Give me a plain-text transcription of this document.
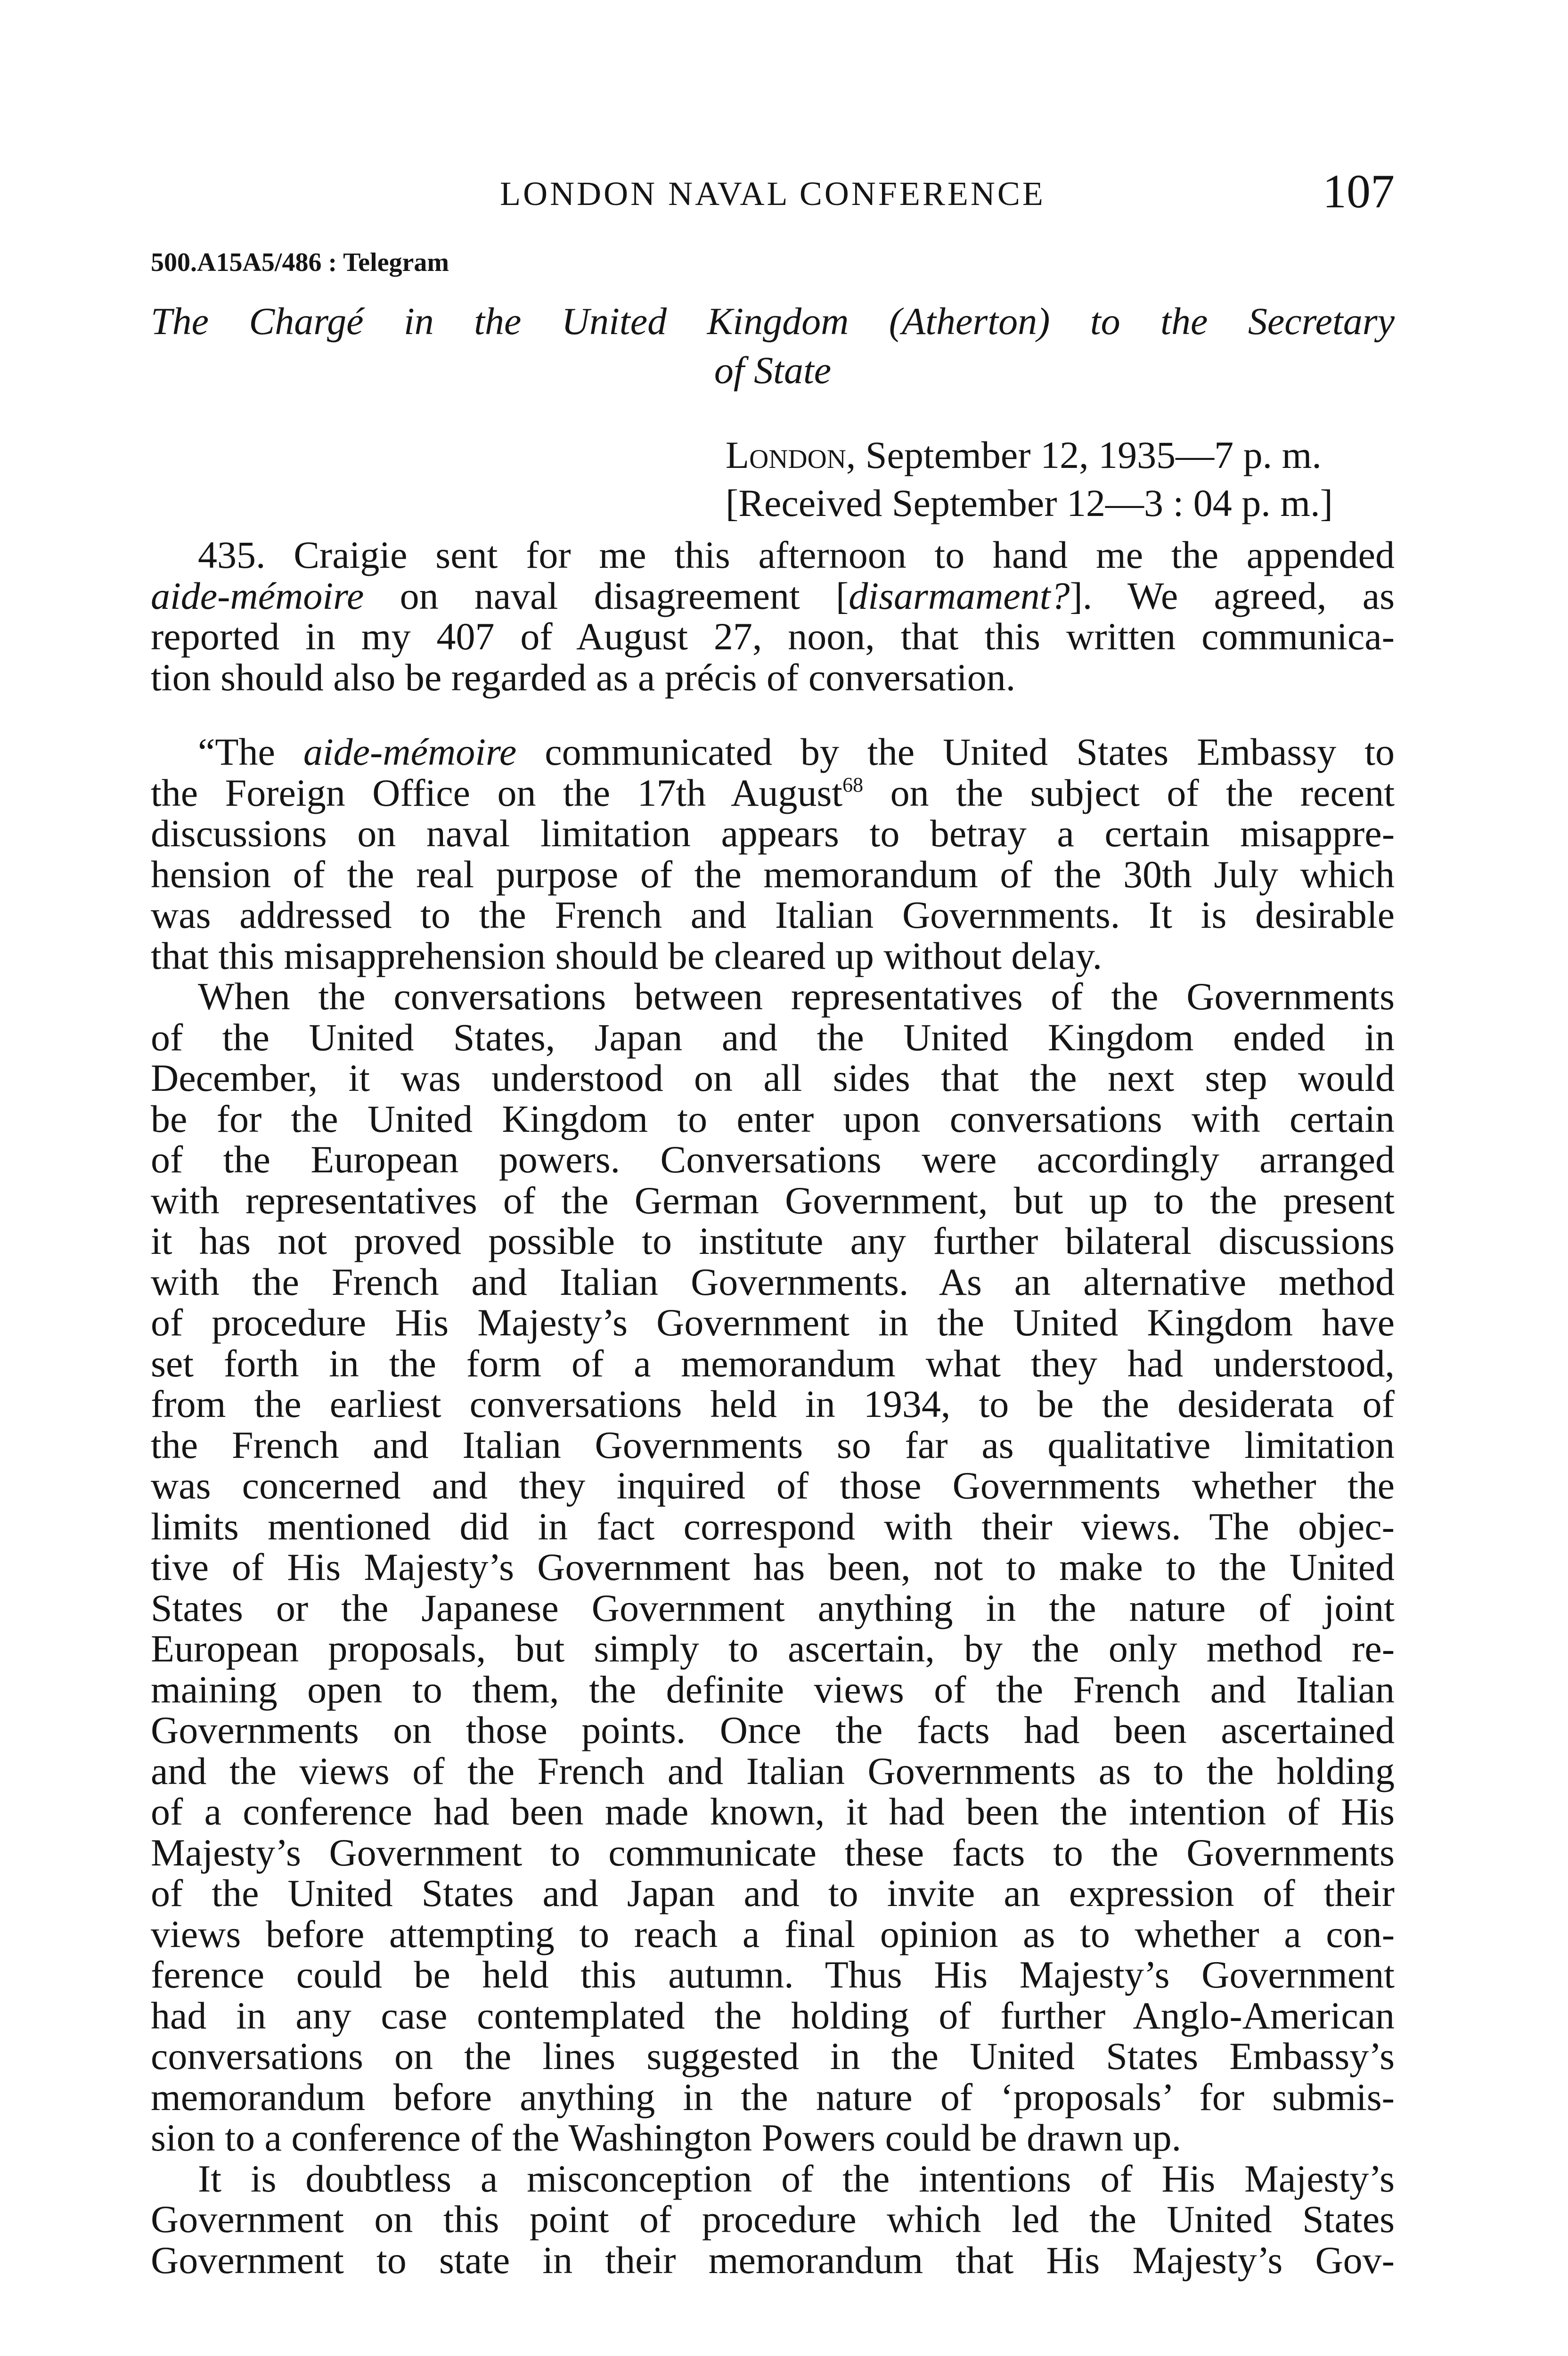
LONDON NAVAL CONFERENCE	107
500.A15A5/486 : Telegram
The Chargé in the United Kingdom (Atherton) to the Secretary
of State
London, September 12, 1935—7 p. m.
[Received September 12—3 : 04 p. m.]
435. Craigie sent for me this afternoon to hand me the appended
aide-mémoire on naval disagreement [disarmament?]. We agreed, as
reported in my 407 of August 27, noon, that this written communica-
tion should also be regarded as a précis of conversation.
“The aide-mémoire communicated by the United States Embassy to
the Foreign Office on the 17th August$^{68}$ on the subject of the recent
discussions on naval limitation appears to betray a certain misappre-
hension of the real purpose of the memorandum of the 30th July which
was addressed to the French and Italian Governments. It is desirable
that this misapprehension should be cleared up without delay.
When the conversations between representatives of the Governments
of the United States, Japan and the United Kingdom ended in
December, it was understood on all sides that the next step would
be for the United Kingdom to enter upon conversations with certain
of the European powers. Conversations were accordingly arranged
with representatives of the German Government, but up to the present
it has not proved possible to institute any further bilateral discussions
with the French and Italian Governments. As an alternative method
of procedure His Majesty’s Government in the United Kingdom have
set forth in the form of a memorandum what they had understood,
from the earliest conversations held in 1934, to be the desiderata of
the French and Italian Governments so far as qualitative limitation
was concerned and they inquired of those Governments whether the
limits mentioned did in fact correspond with their views. The objec-
tive of His Majesty’s Government has been, not to make to the United
States or the Japanese Government anything in the nature of joint
European proposals, but simply to ascertain, by the only method re-
maining open to them, the definite views of the French and Italian
Governments on those points. Once the facts had been ascertained
and the views of the French and Italian Governments as to the holding
of a conference had been made known, it had been the intention of His
Majesty’s Government to communicate these facts to the Governments
of the United States and Japan and to invite an expression of their
views before attempting to reach a final opinion as to whether a con-
ference could be held this autumn. Thus His Majesty’s Government
had in any case contemplated the holding of further Anglo-American
conversations on the lines suggested in the United States Embassy’s
memorandum before anything in the nature of ‘proposals’ for submis-
sion to a conference of the Washington Powers could be drawn up.
It is doubtless a misconception of the intentions of His Majesty’s
Government on this point of procedure which led the United States
Government to state in their memorandum that His Majesty’s Gov-
